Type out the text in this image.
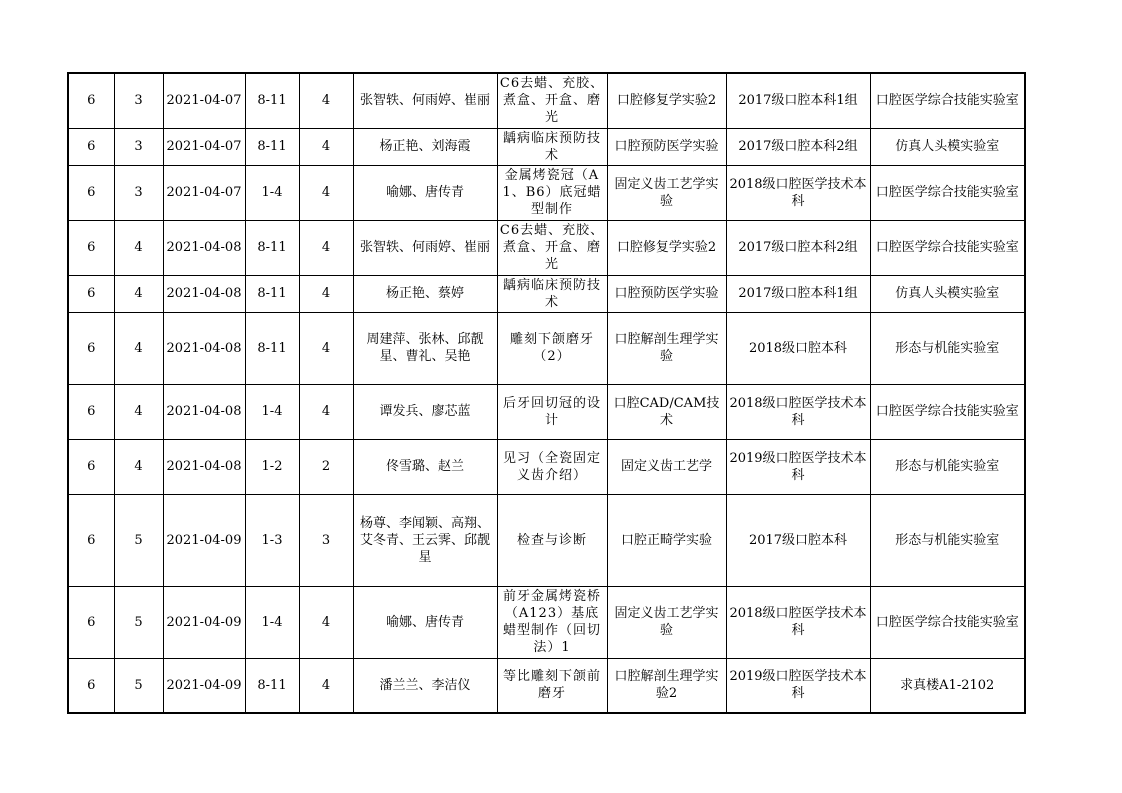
6	3	2021-04-07	8-11	4	张智轶、何雨婷、崔丽	C6去蜡、充胶、煮盒、开盒、磨光	口腔修复学实验2	2017级口腔本科1组	口腔医学综合技能实验室
6	3	2021-04-07	8-11	4	杨正艳、刘海霞	龋病临床预防技术	口腔预防医学实验	2017级口腔本科2组	仿真人头模实验室
6	3	2021-04-07	1-4	4	喻娜、唐传青	金属烤瓷冠（A1、B6）底冠蜡型制作	固定义齿工艺学实验	2018级口腔医学技术本科	口腔医学综合技能实验室
6	4	2021-04-08	8-11	4	张智轶、何雨婷、崔丽	C6去蜡、充胶、煮盒、开盒、磨光	口腔修复学实验2	2017级口腔本科2组	口腔医学综合技能实验室
6	4	2021-04-08	8-11	4	杨正艳、蔡婷	龋病临床预防技术	口腔预防医学实验	2017级口腔本科1组	仿真人头模实验室
6	4	2021-04-08	8-11	4	周建萍、张林、邱靓星、曹礼、吴艳	雕刻下颌磨牙（2）	口腔解剖生理学实验	2018级口腔本科	形态与机能实验室
6	4	2021-04-08	1-4	4	谭发兵、廖芯蓝	后牙回切冠的设计	口腔CAD/CAM技术	2018级口腔医学技术本科	口腔医学综合技能实验室
6	4	2021-04-08	1-2	2	佟雪璐、赵兰	见习（全瓷固定义齿介绍）	固定义齿工艺学	2019级口腔医学技术本科	形态与机能实验室
6	5	2021-04-09	1-3	3	杨尊、李闻颖、高翔、艾冬青、王云霁、邱靓星	检查与诊断	口腔正畸学实验	2017级口腔本科	形态与机能实验室
6	5	2021-04-09	1-4	4	喻娜、唐传青	前牙金属烤瓷桥（A123）基底蜡型制作（回切法）1	固定义齿工艺学实验	2018级口腔医学技术本科	口腔医学综合技能实验室
6	5	2021-04-09	8-11	4	潘兰兰、李洁仪	等比雕刻下颌前磨牙	口腔解剖生理学实验2	2019级口腔医学技术本科	求真楼A1-2102
